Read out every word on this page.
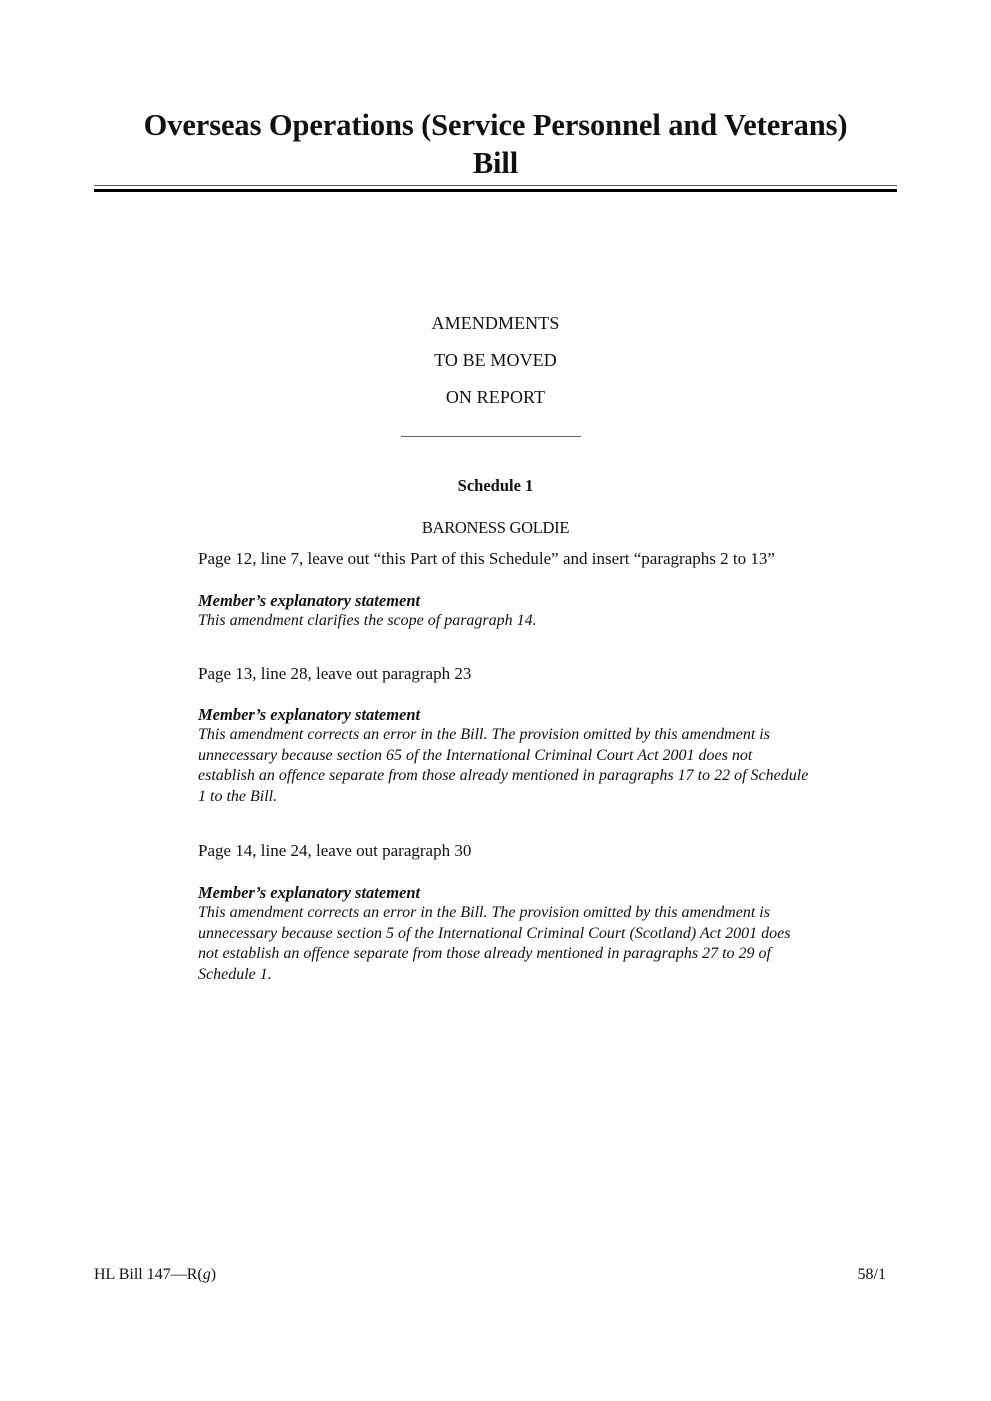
Overseas Operations (Service Personnel and Veterans)
Bill
AMENDMENTS
TO BE MOVED
ON REPORT
Schedule 1
BARONESS GOLDIE

Page 12, line 7, leave out “this Part of this Schedule” and insert “paragraphs 2 to 13”

Member’s explanatory statement

This amendment clarifies the scope of paragraph 14.

Page 13, line 28, leave out paragraph 23

Member’s explanatory statement

This amendment corrects an error in the Bill. The provision omitted by this amendment is
unnecessary because section 65 of the International Criminal Court Act 2001 does not
establish an offence separate from those already mentioned in paragraphs 17 to 22 of Schedule
1 to the Bill.

Page 14, line 24, leave out paragraph 30

Member’s explanatory statement

This amendment corrects an error in the Bill. The provision omitted by this amendment is
unnecessary because section 5 of the International Criminal Court (Scotland) Act 2001 does
not establish an offence separate from those already mentioned in paragraphs 27 to 29 of
Schedule 1.

HL Bill 147—R(g)	58/1
